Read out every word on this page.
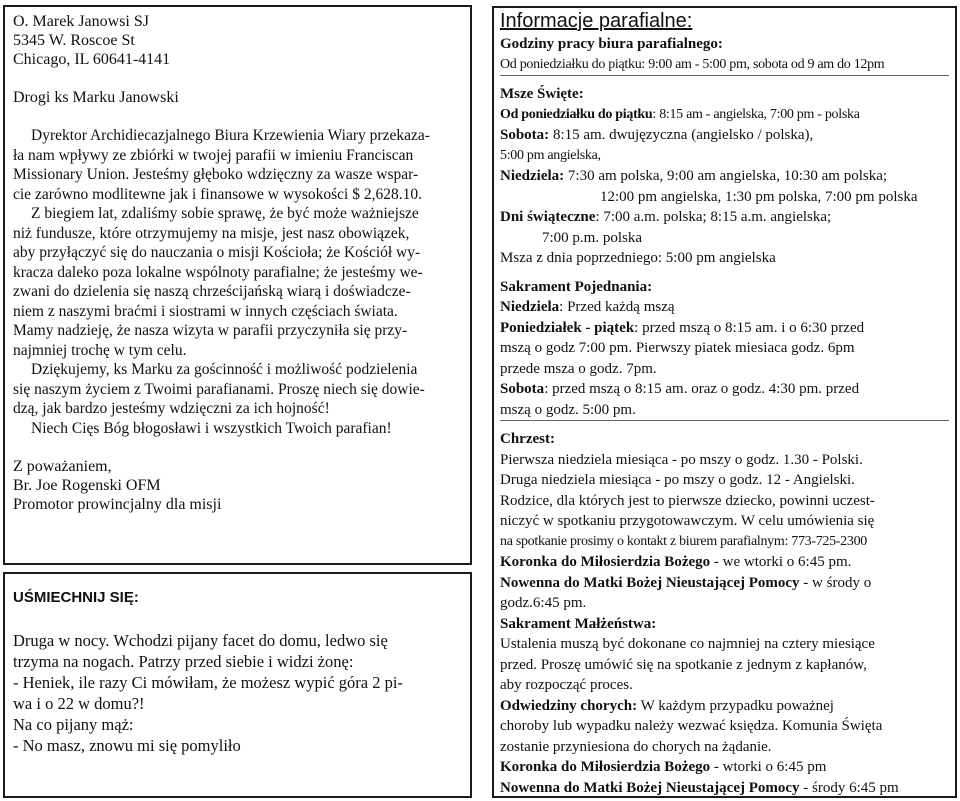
O. Marek Janowsi SJ
5345 W. Roscoe St
Chicago, IL 60641-4141
Drogi ks Marku Janowski
Dyrektor Archidiecazjalnego Biura Krzewienia Wiary przekaza-
ła nam wpływy ze zbiórki w twojej parafii w imieniu Franciscan
Missionary Union. Jesteśmy głęboko wdzięczny za wasze wspar-
cie zarówno modlitewne jak i finansowe w wysokości $ 2,628.10.
Z biegiem lat, zdaliśmy sobie sprawę, że być może ważniejsze
niż fundusze, które otrzymujemy na misje, jest nasz obowiązek,
aby przyłączyć się do nauczania o misji Kościoła; że Kościół wy-
kracza daleko poza lokalne wspólnoty parafialne; że jesteśmy we-
zwani do dzielenia się naszą chrześcijańską wiarą i doświadcze-
niem z naszymi braćmi i siostrami w innych częściach świata.
Mamy nadzieję, że nasza wizyta w parafii przyczyniła się przy-
najmniej trochę w tym celu.
Dziękujemy, ks Marku za gościnność i możliwość podzielenia
się naszym życiem z Twoimi parafianami. Proszę niech się dowie-
dzą, jak bardzo jesteśmy wdzięczni za ich hojność!
Niech Cięs Bóg błogosławi i wszystkich Twoich parafian!
Z poważaniem,
Br. Joe Rogenski OFM
Promotor prowincjalny dla misji
UŚMIECHNIJ SIĘ:
Druga w nocy. Wchodzi pijany facet do domu, ledwo się
trzyma na nogach. Patrzy przed siebie i widzi żonę:
- Heniek, ile razy Ci mówiłam, że możesz wypić góra 2 pi-
wa i o 22 w domu?!
Na co pijany mąż:
- No masz, znowu mi się pomyliło
Informacje parafialne:
Godziny pracy biura parafialnego:
Od poniedziałku do piątku: 9:00 am - 5:00 pm, sobota od 9 am do 12pm
Msze Święte:
Od poniedziałku do piątku: 8:15 am - angielska, 7:00 pm - polska
Sobota: 8:15 am. dwujęzyczna (angielsko / polska),
5:00 pm angielska,
Niedziela: 7:30 am polska, 9:00 am angielska, 10:30 am polska;
12:00 pm angielska, 1:30 pm polska, 7:00 pm polska
Dni świąteczne: 7:00 a.m. polska; 8:15 a.m. angielska;
7:00 p.m. polska
Msza z dnia poprzedniego: 5:00 pm angielska
Sakrament Pojednania:
Niedziela: Przed każdą mszą
Poniedziałek - piątek: przed mszą o 8:15 am. i o 6:30 przed
mszą o godz 7:00 pm. Pierwszy piatek miesiaca godz. 6pm
przede msza o godz. 7pm.
Sobota: przed mszą o 8:15 am. oraz o godz. 4:30 pm. przed
mszą o godz. 5:00 pm.
Chrzest:
Pierwsza niedziela miesiąca - po mszy o godz. 1.30 - Polski.
Druga niedziela miesiąca - po mszy o godz. 12 - Angielski.
Rodzice, dla których jest to pierwsze dziecko, powinni uczest-
niczyć w spotkaniu przygotowawczym. W celu umówienia się
na spotkanie prosimy o kontakt z biurem parafialnym: 773-725-2300
Koronka do Miłosierdzia Bożego - we wtorki o 6:45 pm.
Nowenna do Matki Bożej Nieustającej Pomocy - w środy o
godz.6:45 pm.
Sakrament Małżeństwa:
Ustalenia muszą być dokonane co najmniej na cztery miesiące
przed. Proszę umówić się na spotkanie z jednym z kapłanów,
aby rozpocząć proces.
Odwiedziny chorych: W każdym przypadku poważnej
choroby lub wypadku należy wezwać księdza. Komunia Święta
zostanie przyniesiona do chorych na żądanie.
Koronka do Miłosierdzia Bożego - wtorki o 6:45 pm
Nowenna do Matki Bożej Nieustającej Pomocy - środy 6:45 pm
